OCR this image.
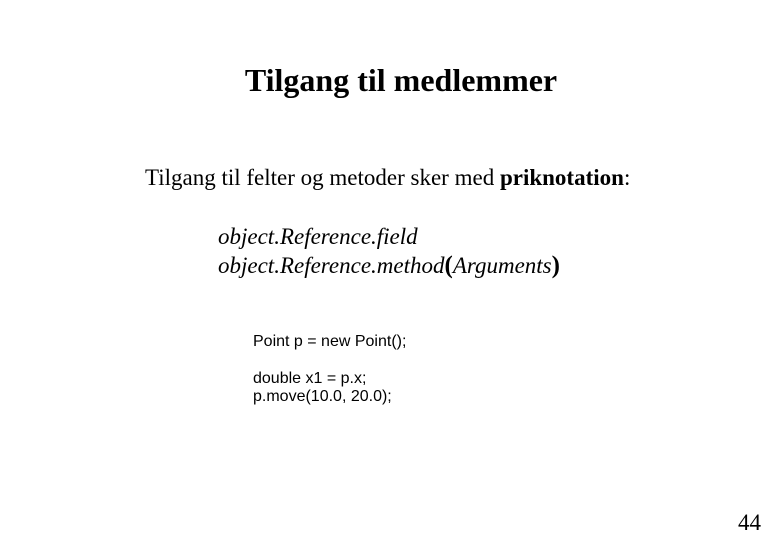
Tilgang til medlemmer
Tilgang til felter og metoder sker med priknotation:
object.Reference.field
object.Reference.method(Arguments)
Point p = new Point();
double x1 = p.x;
p.move(10.0, 20.0);
44
